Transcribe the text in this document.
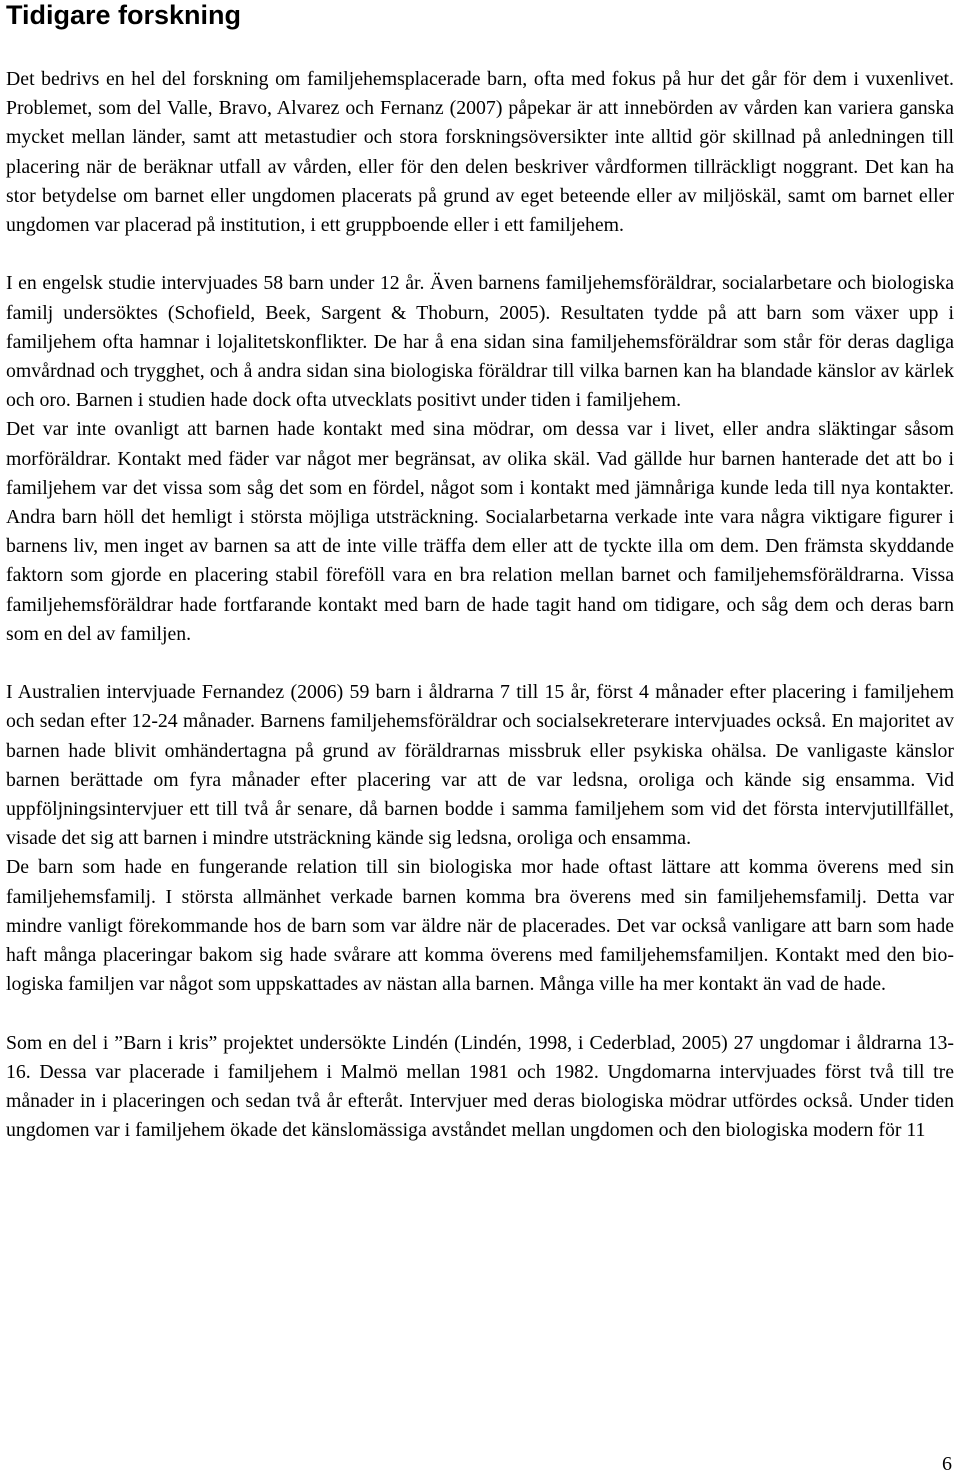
Tidigare forskning

Det bedrivs en hel del forskning om familjehemsplacerade barn, ofta med fokus på hur det går för dem i vuxenlivet. Problemet, som del Valle, Bravo, Alvarez och Fernanz (2007) påpekar är att innebörden av vården kan variera ganska mycket mellan länder, samt att metastudier och stora forskningsöversikter inte alltid gör skillnad på anledningen till placering när de beräknar utfall av vården, eller för den delen beskriver vårdformen tillräckligt noggrant. Det kan ha stor betydelse om barnet eller ungdomen placerats på grund av eget beteende eller av miljöskäl, samt om barnet eller ungdomen var placerad på institution, i ett gruppboende eller i ett familjehem.

I en engelsk studie intervjuades 58 barn under 12 år. Även barnens familjehemsföräldrar, socialarbetare och biologiska familj undersöktes (Schofield, Beek, Sargent & Thoburn, 2005). Resultaten tydde på att barn som växer upp i familjehem ofta hamnar i lojalitetskonflikter. De har å ena sidan sina familjehemsföräldrar som står för deras dagliga omvårdnad och trygghet, och å andra sidan sina biologiska föräldrar till vilka barnen kan ha blandade känslor av kärlek och oro. Barnen i studien hade dock ofta utvecklats positivt under tiden i familjehem.

Det var inte ovanligt att barnen hade kontakt med sina mödrar, om dessa var i livet, eller andra släktingar såsom morföräldrar. Kontakt med fäder var något mer begränsat, av olika skäl. Vad gällde hur barnen hanterade det att bo i familjehem var det vissa som såg det som en fördel, något som i kontakt med jämnåriga kunde leda till nya kontakter. Andra barn höll det hemligt i största möjliga utsträckning. Socialarbetarna verkade inte vara några viktigare figurer i barnens liv, men inget av barnen sa att de inte ville träffa dem eller att de tyckte illa om dem. Den främsta skyddande faktorn som gjorde en placering stabil föreföll vara en bra relation mellan barnet och familjehemsföräldrarna. Vissa familjehemsföräldrar hade fortfarande kontakt med barn de hade tagit hand om tidigare, och såg dem och deras barn som en del av familjen.

I Australien intervjuade Fernandez (2006) 59 barn i åldrarna 7 till 15 år, först 4 månader efter placering i familjehem och sedan efter 12-24 månader. Barnens familjehemsföräldrar och socialsekreterare intervjuades också. En majoritet av barnen hade blivit omhändertagna på grund av föräldrarnas missbruk eller psykiska ohälsa. De vanligaste känslor barnen berättade om fyra månader efter placering var att de var ledsna, oroliga och kände sig ensamma. Vid uppföljningsintervjuer ett till två år senare, då barnen bodde i samma familjehem som vid det första intervjutillfället, visade det sig att barnen i mindre utsträckning kände sig ledsna, oroliga och ensamma.

De barn som hade en fungerande relation till sin biologiska mor hade oftast lättare att komma överens med sin familjehemsfamilj. I största allmänhet verkade barnen komma bra överens med sin familjehemsfamilj. Detta var mindre vanligt förekommande hos de barn som var äldre när de placerades. Det var också vanligare att barn som hade haft många placeringar bakom sig hade svårare att komma överens med familjehemsfamiljen. Kontakt med den biologiska familjen var något som uppskattades av nästan alla barnen. Många ville ha mer kontakt än vad de hade.

Som en del i ”Barn i kris” projektet undersökte Lindén (Lindén, 1998, i Cederblad, 2005) 27 ungdomar i åldrarna 13-16. Dessa var placerade i familjehem i Malmö mellan 1981 och 1982. Ungdomarna intervjuades först två till tre månader in i placeringen och sedan två år efteråt. Intervjuer med deras biologiska mödrar utfördes också. Under tiden ungdomen var i familjehem ökade det känslomässiga avståndet mellan ungdomen och den biologiska modern för 11

6
